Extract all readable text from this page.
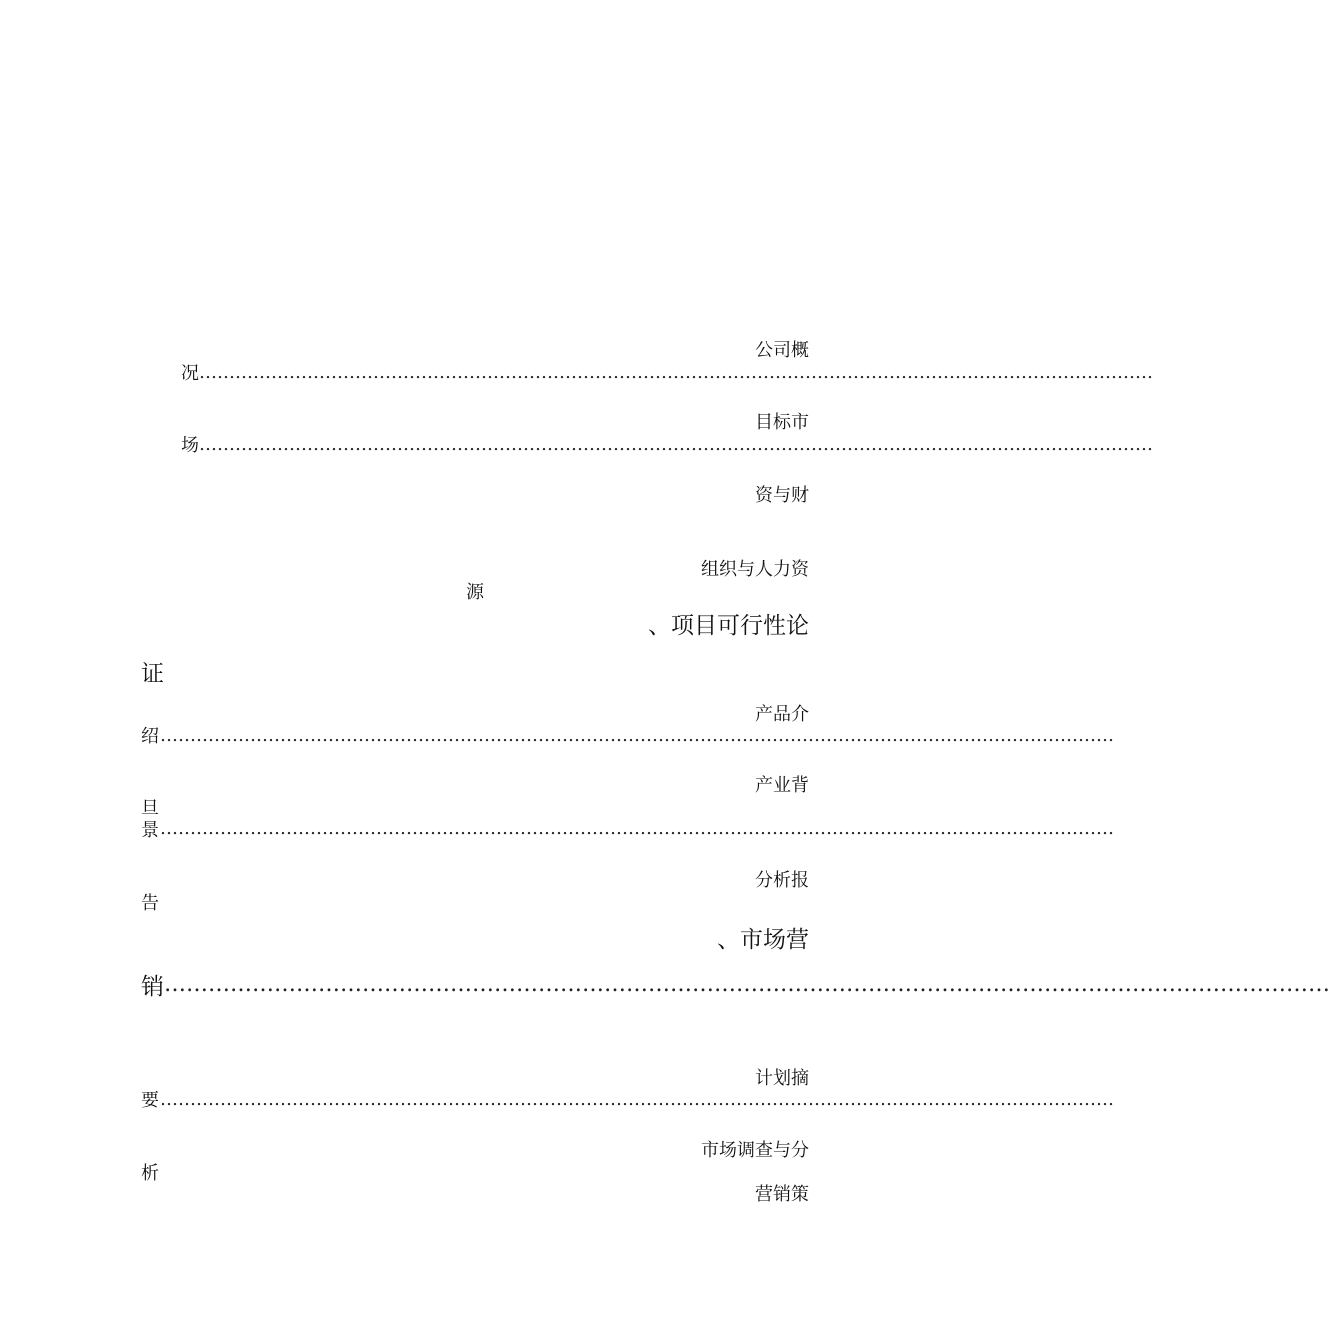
公司概
况 ……………………………………………………………………………………………………………………………………………
目标市
场 ……………………………………………………………………………………………………………………………………………
资与财
组织与人力资
源
、项目可行性论
证
产品介
绍 ……………………………………………………………………………………………………………………………………………
产业背
旦
景 ……………………………………………………………………………………………………………………………………………
分析报
告
、市场营
销 ……………………………………………………………………………………………………………………………………………
计划摘
要 ……………………………………………………………………………………………………………………………………………
市场调查与分
析
营销策
